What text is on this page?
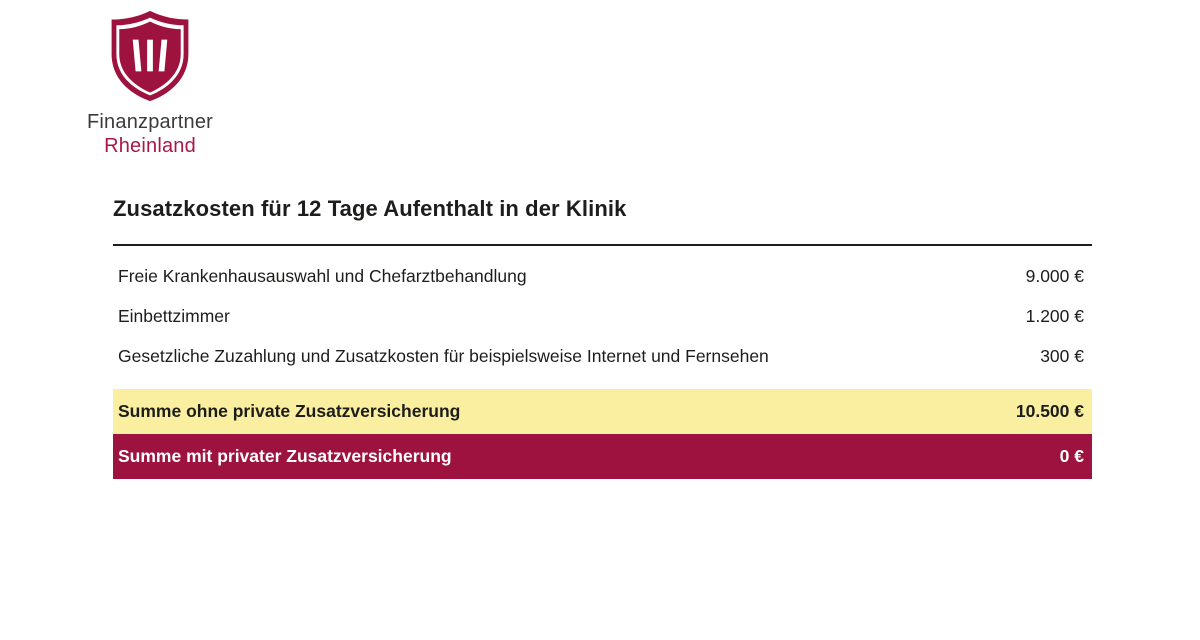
Finanzpartner
Rheinland
Zusatzkosten für 12 Tage Aufenthalt in der Klinik
Freie Krankenhausauswahl und Chefarztbehandlung	9.000 €
Einbettzimmer	1.200 €
Gesetzliche Zuzahlung und Zusatzkosten für beispielsweise Internet und Fernsehen	300 €
Summe ohne private Zusatzversicherung	10.500 €
Summe mit privater Zusatzversicherung	0 €
